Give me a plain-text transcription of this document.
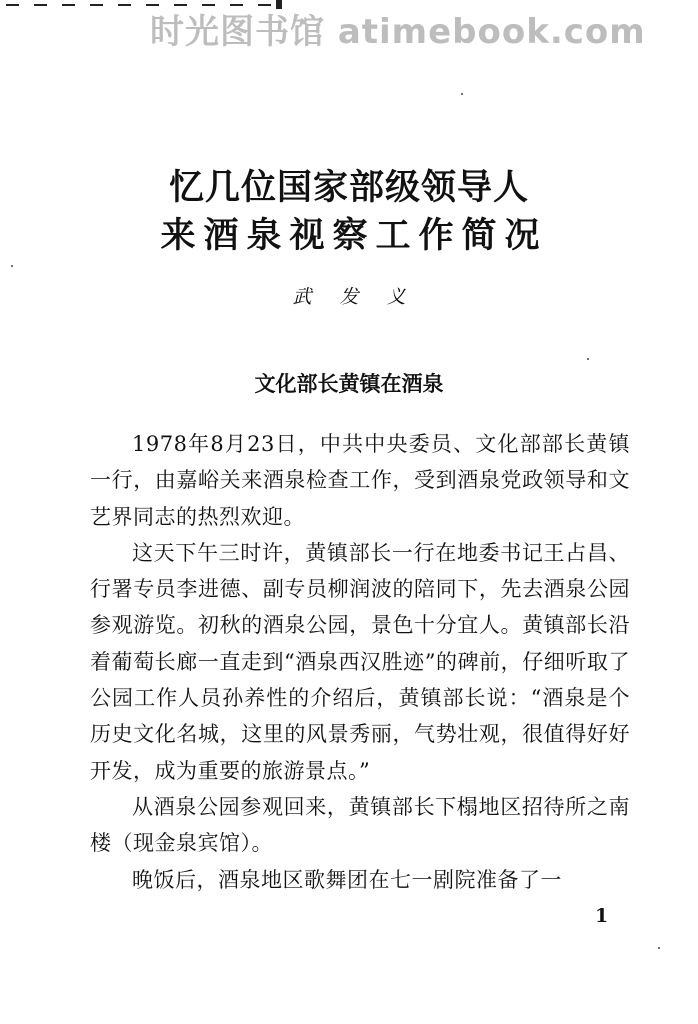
时光图书馆 atimebook.com
忆几位国家部级领导人
来酒泉视察工作简况
武发义
文化部长黄镇在酒泉

1978年8月23日，中共中央委员、文化部部长黄镇一行，由嘉峪关来酒泉检查工作，受到酒泉党政领导和文艺界同志的热烈欢迎。

这天下午三时许，黄镇部长一行在地委书记王占昌、行署专员李进德、副专员柳润波的陪同下，先去酒泉公园参观游览。初秋的酒泉公园，景色十分宜人。黄镇部长沿着葡萄长廊一直走到“酒泉西汉胜迹”的碑前，仔细听取了公园工作人员孙养性的介绍后，黄镇部长说：“酒泉是个历史文化名城，这里的风景秀丽，气势壮观，很值得好好开发，成为重要的旅游景点。”

从酒泉公园参观回来，黄镇部长下榻地区招待所之南楼（现金泉宾馆）。

晚饭后，酒泉地区歌舞团在七一剧院准备了一

1
